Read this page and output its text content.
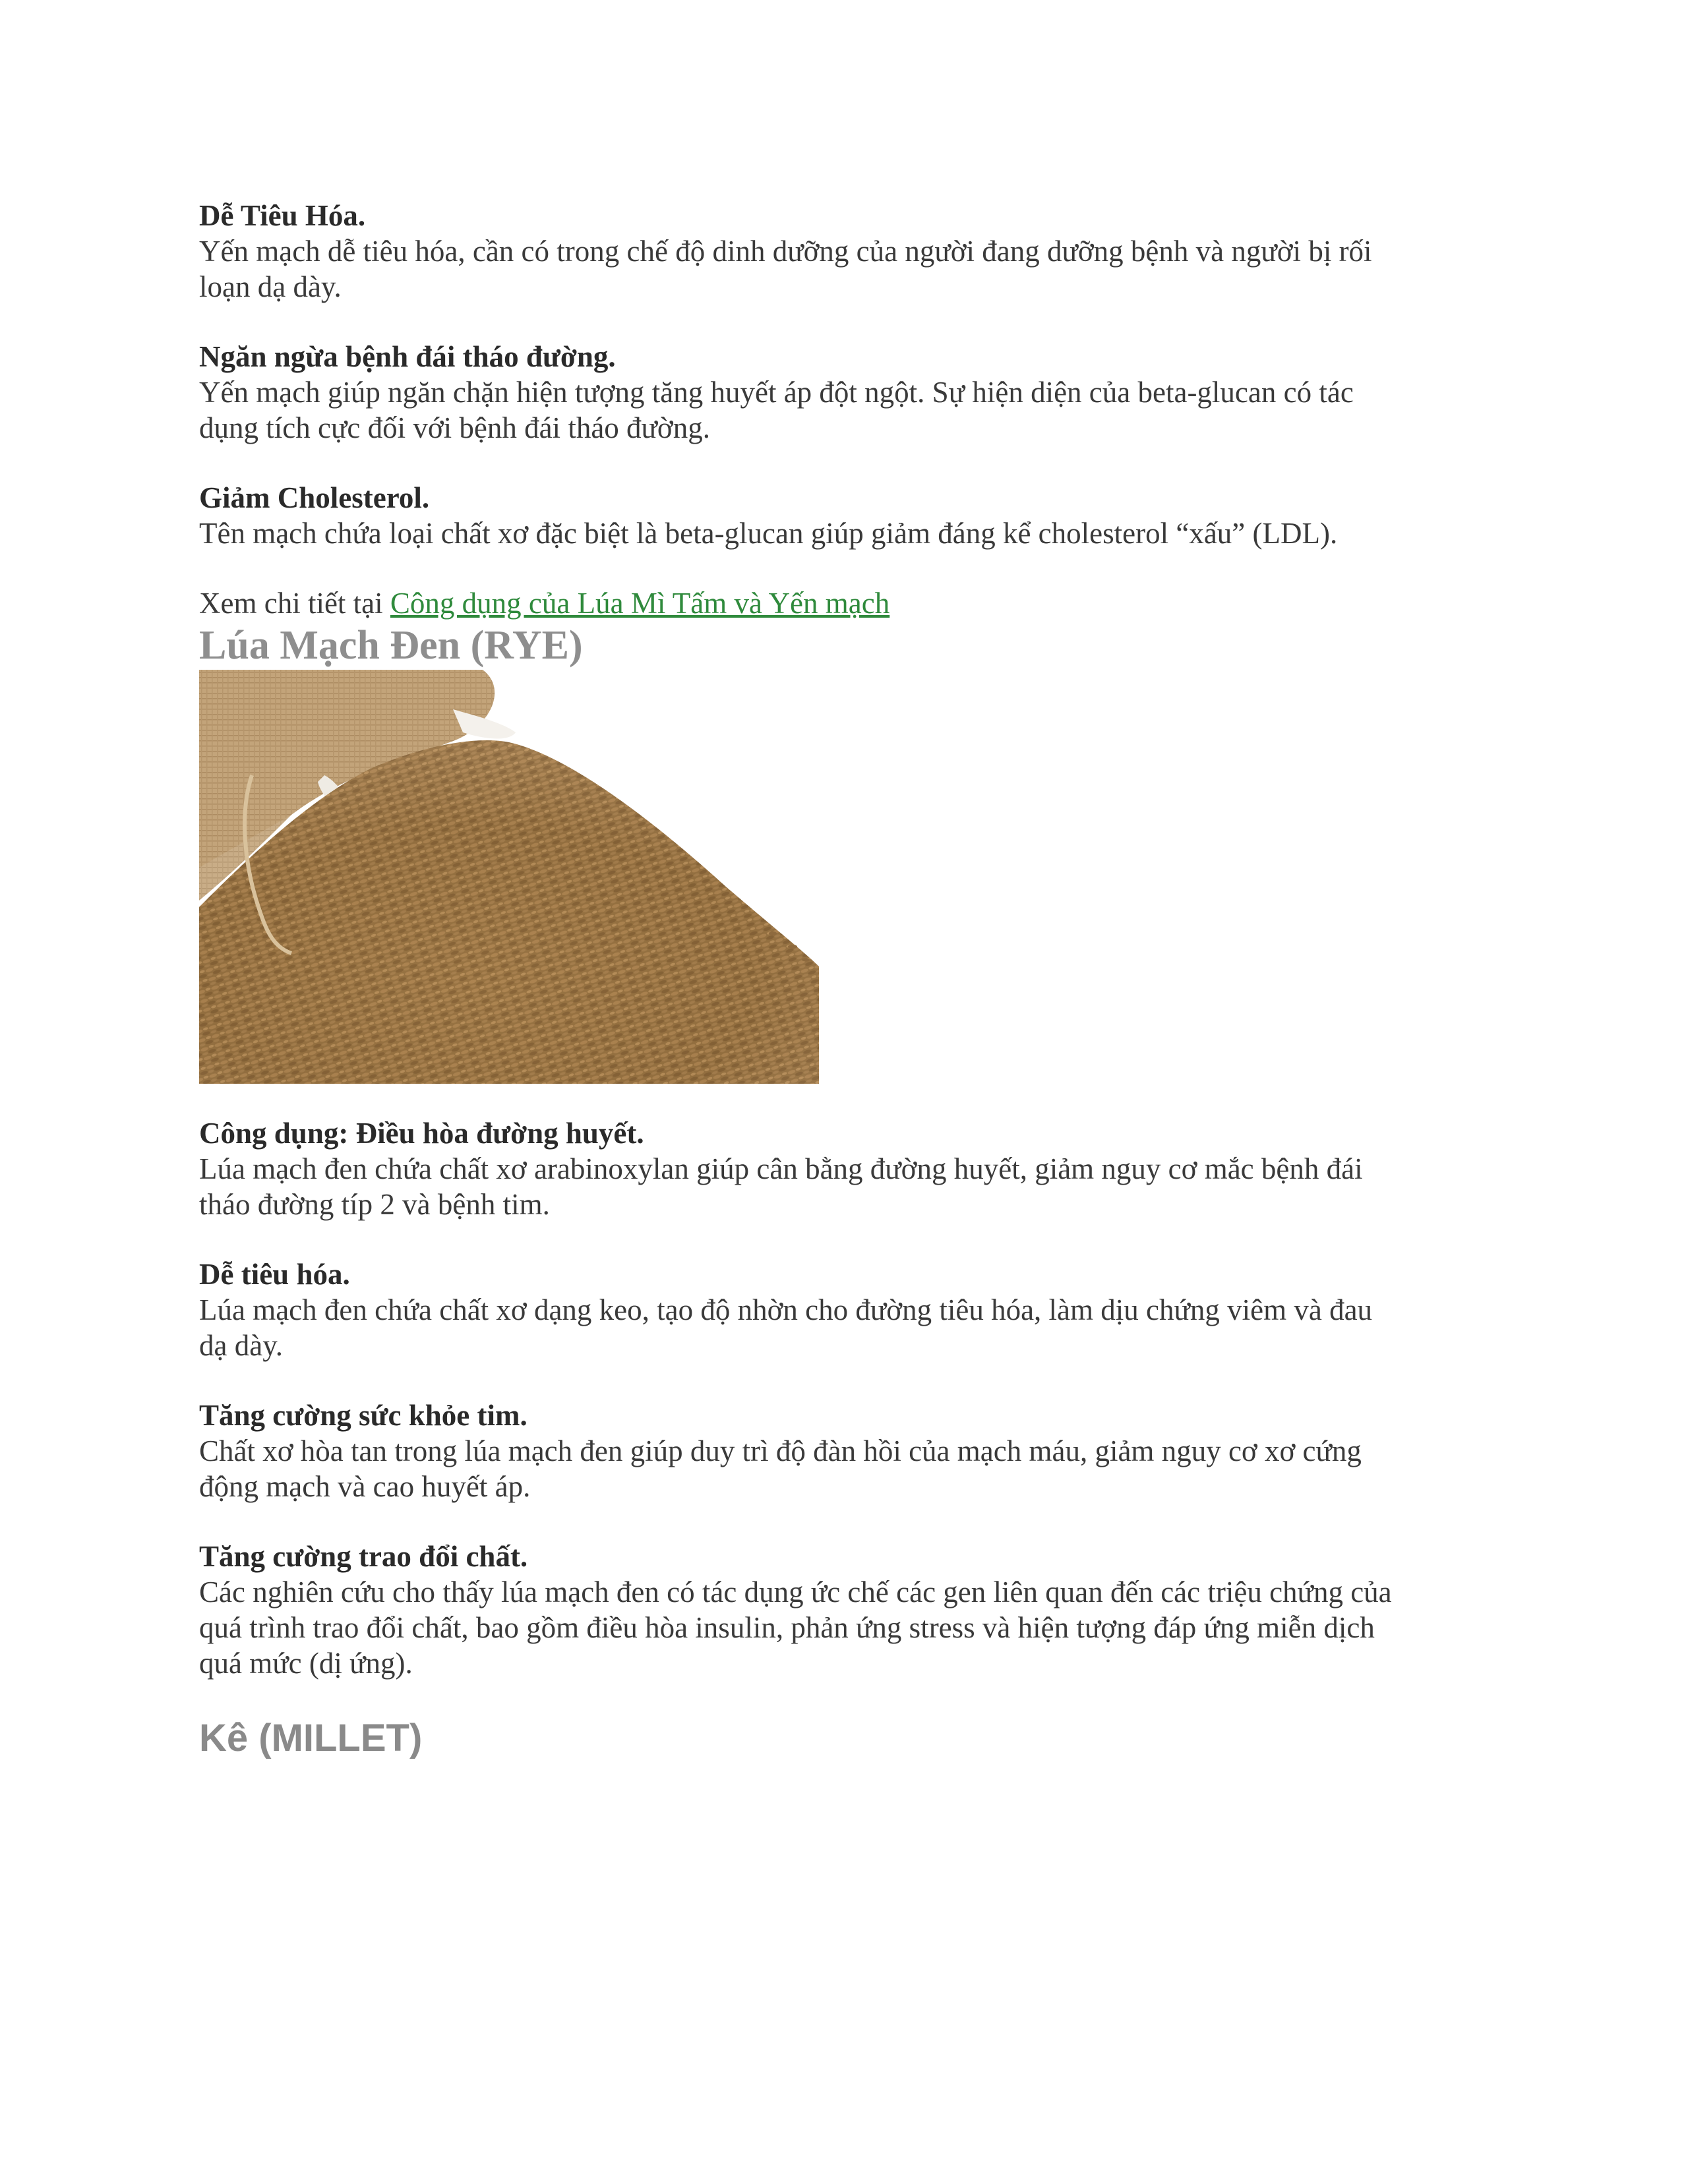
Dễ Tiêu Hóa.
Yến mạch dễ tiêu hóa, cần có trong chế độ dinh dưỡng của người đang dưỡng bệnh và người bị rối
loạn dạ dày.
Ngăn ngừa bệnh đái tháo đường.
Yến mạch giúp ngăn chặn hiện tượng tăng huyết áp đột ngột. Sự hiện diện của beta-glucan có tác
dụng tích cực đối với bệnh đái tháo đường.
Giảm Cholesterol.
Tên mạch chứa loại chất xơ đặc biệt là beta-glucan giúp giảm đáng kể cholesterol “xấu” (LDL).
Xem chi tiết tại Công dụng của Lúa Mì Tấm và Yến mạch
Lúa Mạch Đen (RYE)
Công dụng: Điều hòa đường huyết.
Lúa mạch đen chứa chất xơ arabinoxylan giúp cân bằng đường huyết, giảm nguy cơ mắc bệnh đái
tháo đường típ 2 và bệnh tim.
Dễ tiêu hóa.
Lúa mạch đen chứa chất xơ dạng keo, tạo độ nhờn cho đường tiêu hóa, làm dịu chứng viêm và đau
dạ dày.
Tăng cường sức khỏe tim.
Chất xơ hòa tan trong lúa mạch đen giúp duy trì độ đàn hồi của mạch máu, giảm nguy cơ xơ cứng
động mạch và cao huyết áp.
Tăng cường trao đổi chất.
Các nghiên cứu cho thấy lúa mạch đen có tác dụng ức chế các gen liên quan đến các triệu chứng của
quá trình trao đổi chất, bao gồm điều hòa insulin, phản ứng stress và hiện tượng đáp ứng miễn dịch
quá mức (dị ứng).
Kê (MILLET)
